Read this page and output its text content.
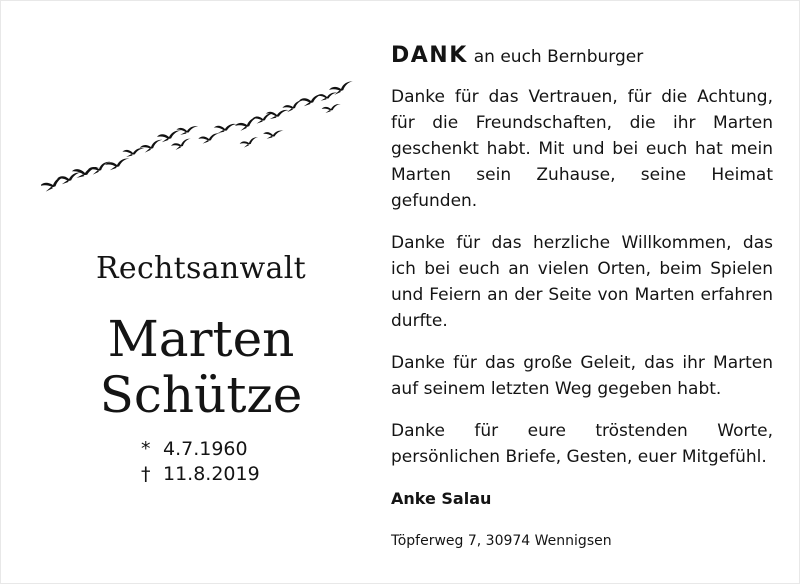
Rechtsanwalt
Marten
Schütze
* 4.7.1960
† 11.8.2019
DANK an euch Bernburger

Danke für das Vertrauen, für die Achtung, für die Freundschaften, die ihr Marten geschenkt habt. Mit und bei euch hat mein Marten sein Zuhause, seine Heimat gefunden.

Danke für das herzliche Willkommen, das ich bei euch an vielen Orten, beim Spielen und Feiern an der Seite von Marten erfahren durfte.

Danke für das große Geleit, das ihr Marten auf seinem letzten Weg gegeben habt.

Danke für eure tröstenden Worte, persönlichen Briefe, Gesten, euer Mitgefühl.

Anke Salau
Töpferweg 7, 30974 Wennigsen
